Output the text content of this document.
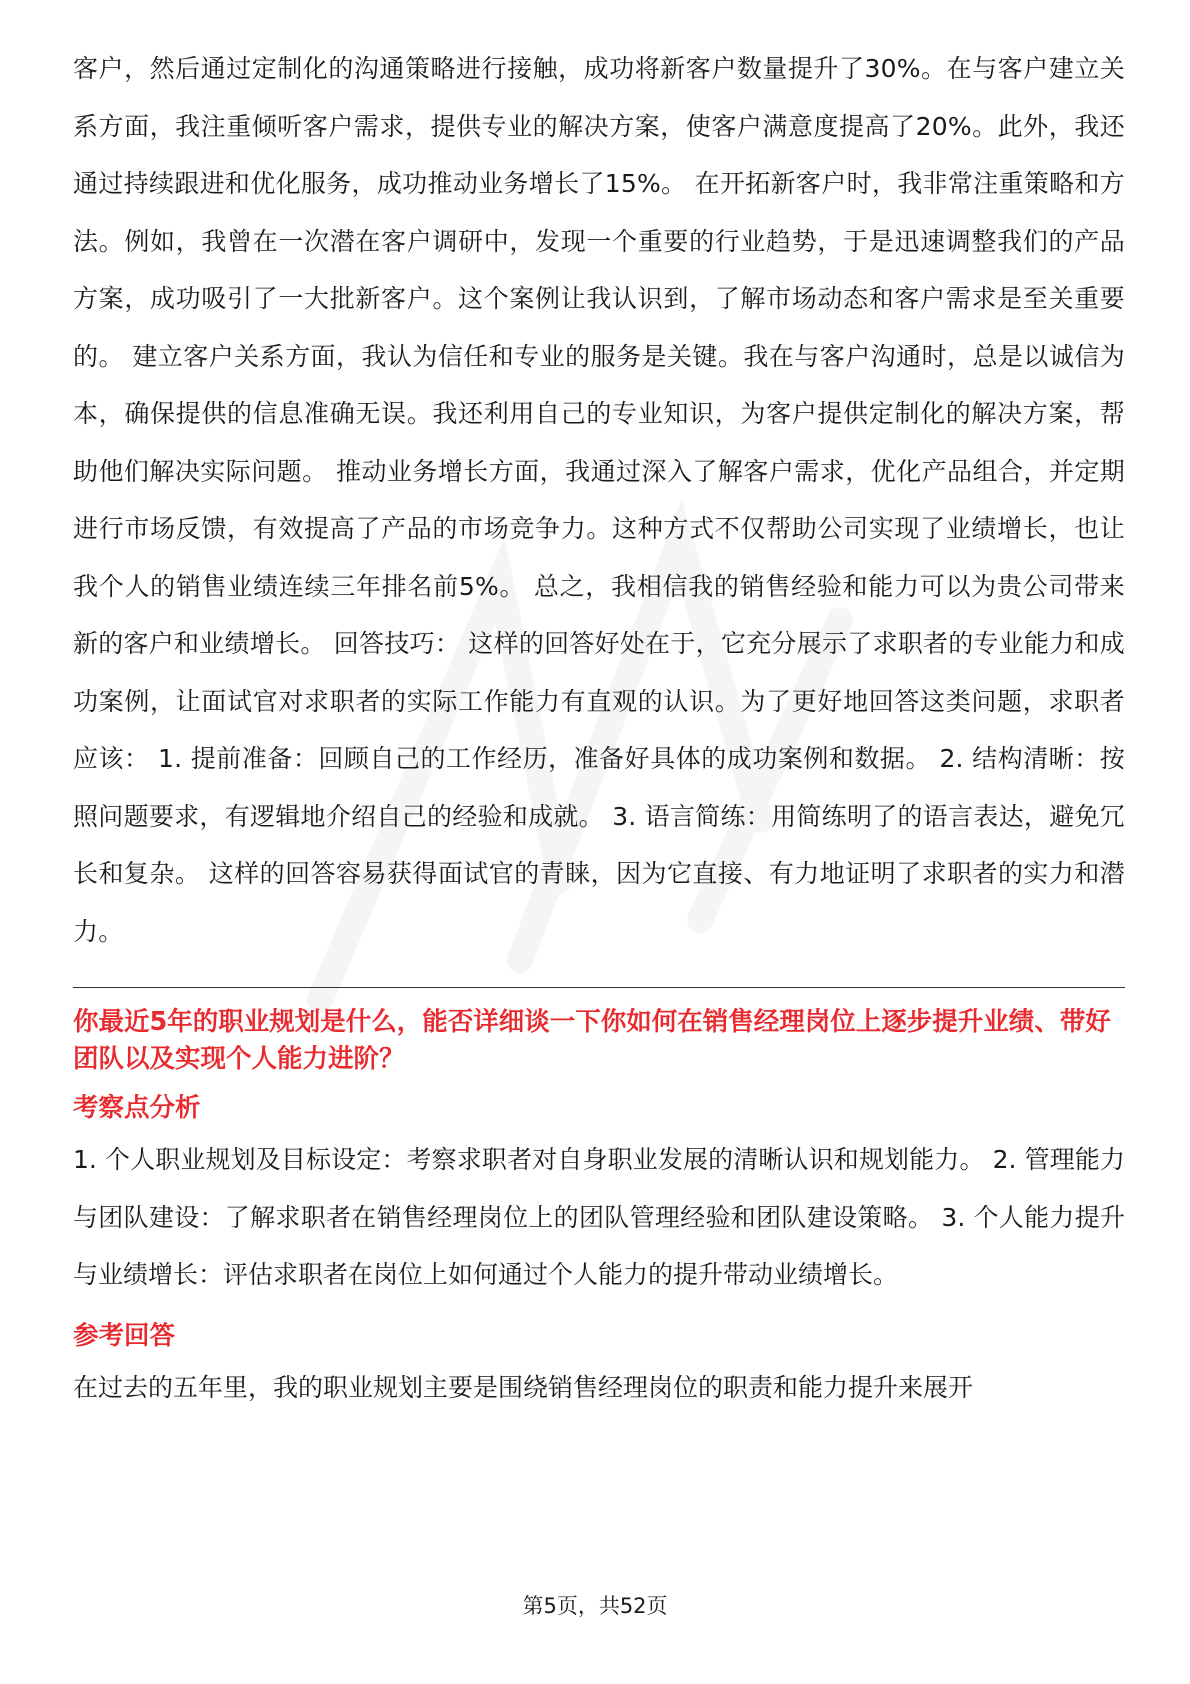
客户，然后通过定制化的沟通策略进行接触，成功将新客户数量提升了30%。在与客户建立关系方面，我注重倾听客户需求，提供专业的解决方案，使客户满意度提高了20%。此外，我还通过持续跟进和优化服务，成功推动业务增长了15%。 在开拓新客户时，我非常注重策略和方法。例如，我曾在一次潜在客户调研中，发现一个重要的行业趋势，于是迅速调整我们的产品方案，成功吸引了一大批新客户。这个案例让我认识到，了解市场动态和客户需求是至关重要的。 建立客户关系方面，我认为信任和专业的服务是关键。我在与客户沟通时，总是以诚信为本，确保提供的信息准确无误。我还利用自己的专业知识，为客户提供定制化的解决方案，帮助他们解决实际问题。 推动业务增长方面，我通过深入了解客户需求，优化产品组合，并定期进行市场反馈，有效提高了产品的市场竞争力。这种方式不仅帮助公司实现了业绩增长，也让我个人的销售业绩连续三年排名前5%。 总之，我相信我的销售经验和能力可以为贵公司带来新的客户和业绩增长。 回答技巧： 这样的回答好处在于，它充分展示了求职者的专业能力和成功案例，让面试官对求职者的实际工作能力有直观的认识。为了更好地回答这类问题，求职者应该： 1. 提前准备：回顾自己的工作经历，准备好具体的成功案例和数据。 2. 结构清晰：按照问题要求，有逻辑地介绍自己的经验和成就。 3. 语言简练：用简练明了的语言表达，避免冗长和复杂。 这样的回答容易获得面试官的青睐，因为它直接、有力地证明了求职者的实力和潜力。

你最近5年的职业规划是什么，能否详细谈一下你如何在销售经理岗位上逐步提升业绩、带好团队以及实现个人能力进阶？

考察点分析

1. 个人职业规划及目标设定：考察求职者对自身职业发展的清晰认识和规划能力。 2. 管理能力与团队建设：了解求职者在销售经理岗位上的团队管理经验和团队建设策略。 3. 个人能力提升与业绩增长：评估求职者在岗位上如何通过个人能力的提升带动业绩增长。

参考回答

在过去的五年里，我的职业规划主要是围绕销售经理岗位的职责和能力提升来展开

第5页，共52页
